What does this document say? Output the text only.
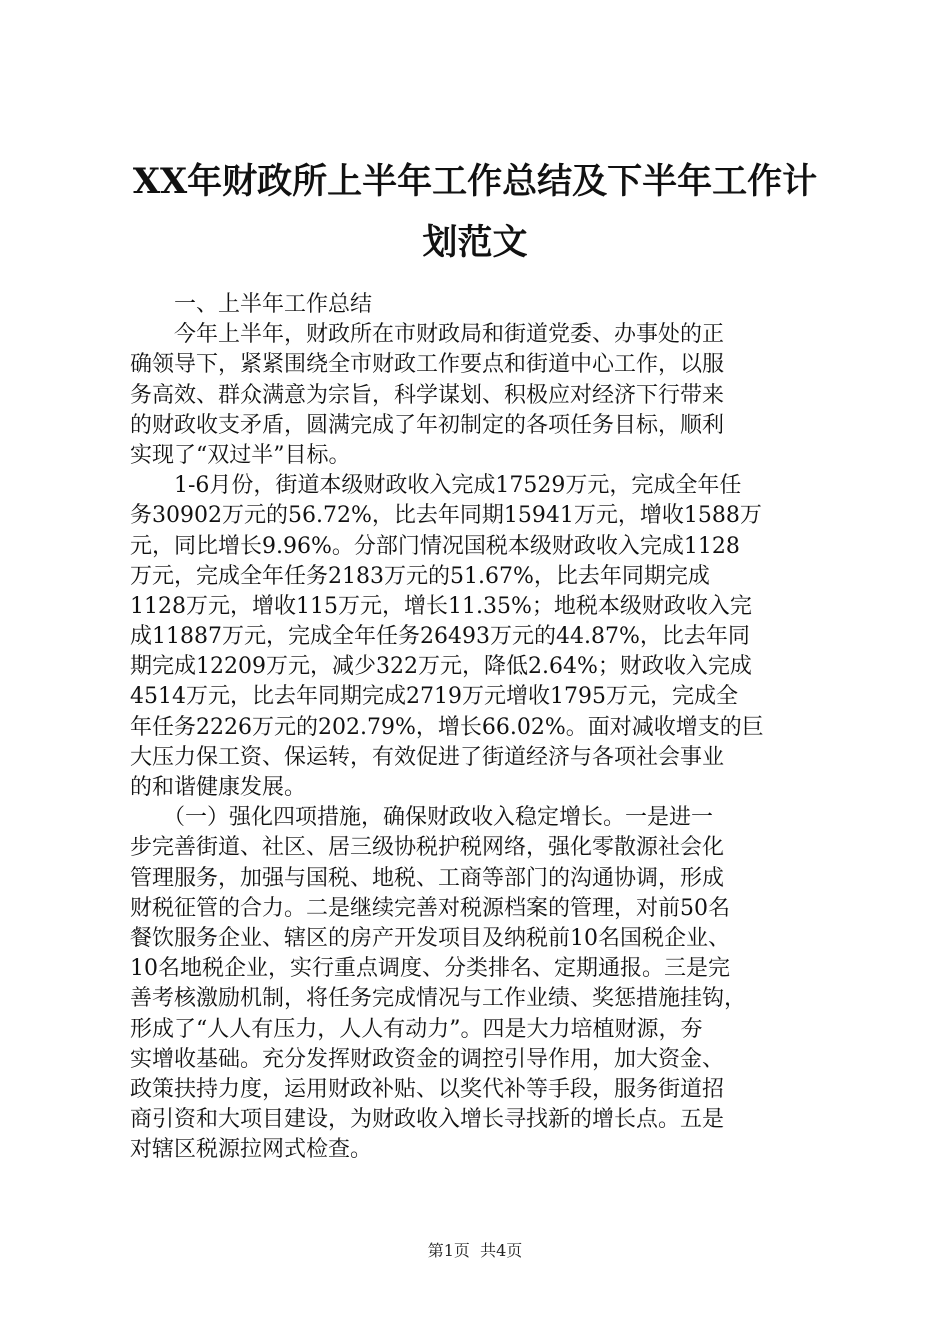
XX年财政所上半年工作总结及下半年工作计
划范文
　　一、上半年工作总结
　　今年上半年，财政所在市财政局和街道党委、办事处的正
确领导下，紧紧围绕全市财政工作要点和街道中心工作，以服
务高效、群众满意为宗旨，科学谋划、积极应对经济下行带来
的财政收支矛盾，圆满完成了年初制定的各项任务目标，顺利
实现了“双过半”目标。
　　1-6月份，街道本级财政收入完成17529万元，完成全年任
务30902万元的56.72%，比去年同期15941万元，增收1588万
元，同比增长9.96%。分部门情况国税本级财政收入完成1128
万元，完成全年任务2183万元的51.67%，比去年同期完成
1128万元，增收115万元，增长11.35%；地税本级财政收入完
成11887万元，完成全年任务26493万元的44.87%，比去年同
期完成12209万元，减少322万元，降低2.64%；财政收入完成
4514万元，比去年同期完成2719万元增收1795万元，完成全
年任务2226万元的202.79%，增长66.02%。面对减收增支的巨
大压力保工资、保运转，有效促进了街道经济与各项社会事业
的和谐健康发展。
　　（一）强化四项措施，确保财政收入稳定增长。一是进一
步完善街道、社区、居三级协税护税网络，强化零散源社会化
管理服务，加强与国税、地税、工商等部门的沟通协调，形成
财税征管的合力。二是继续完善对税源档案的管理，对前50名
餐饮服务企业、辖区的房产开发项目及纳税前10名国税企业、
10名地税企业，实行重点调度、分类排名、定期通报。三是完
善考核激励机制，将任务完成情况与工作业绩、奖惩措施挂钩，
形成了“人人有压力，人人有动力”。四是大力培植财源，夯
实增收基础。充分发挥财政资金的调控引导作用，加大资金、
政策扶持力度，运用财政补贴、以奖代补等手段，服务街道招
商引资和大项目建设，为财政收入增长寻找新的增长点。五是
对辖区税源拉网式检查。
第1页 共4页
